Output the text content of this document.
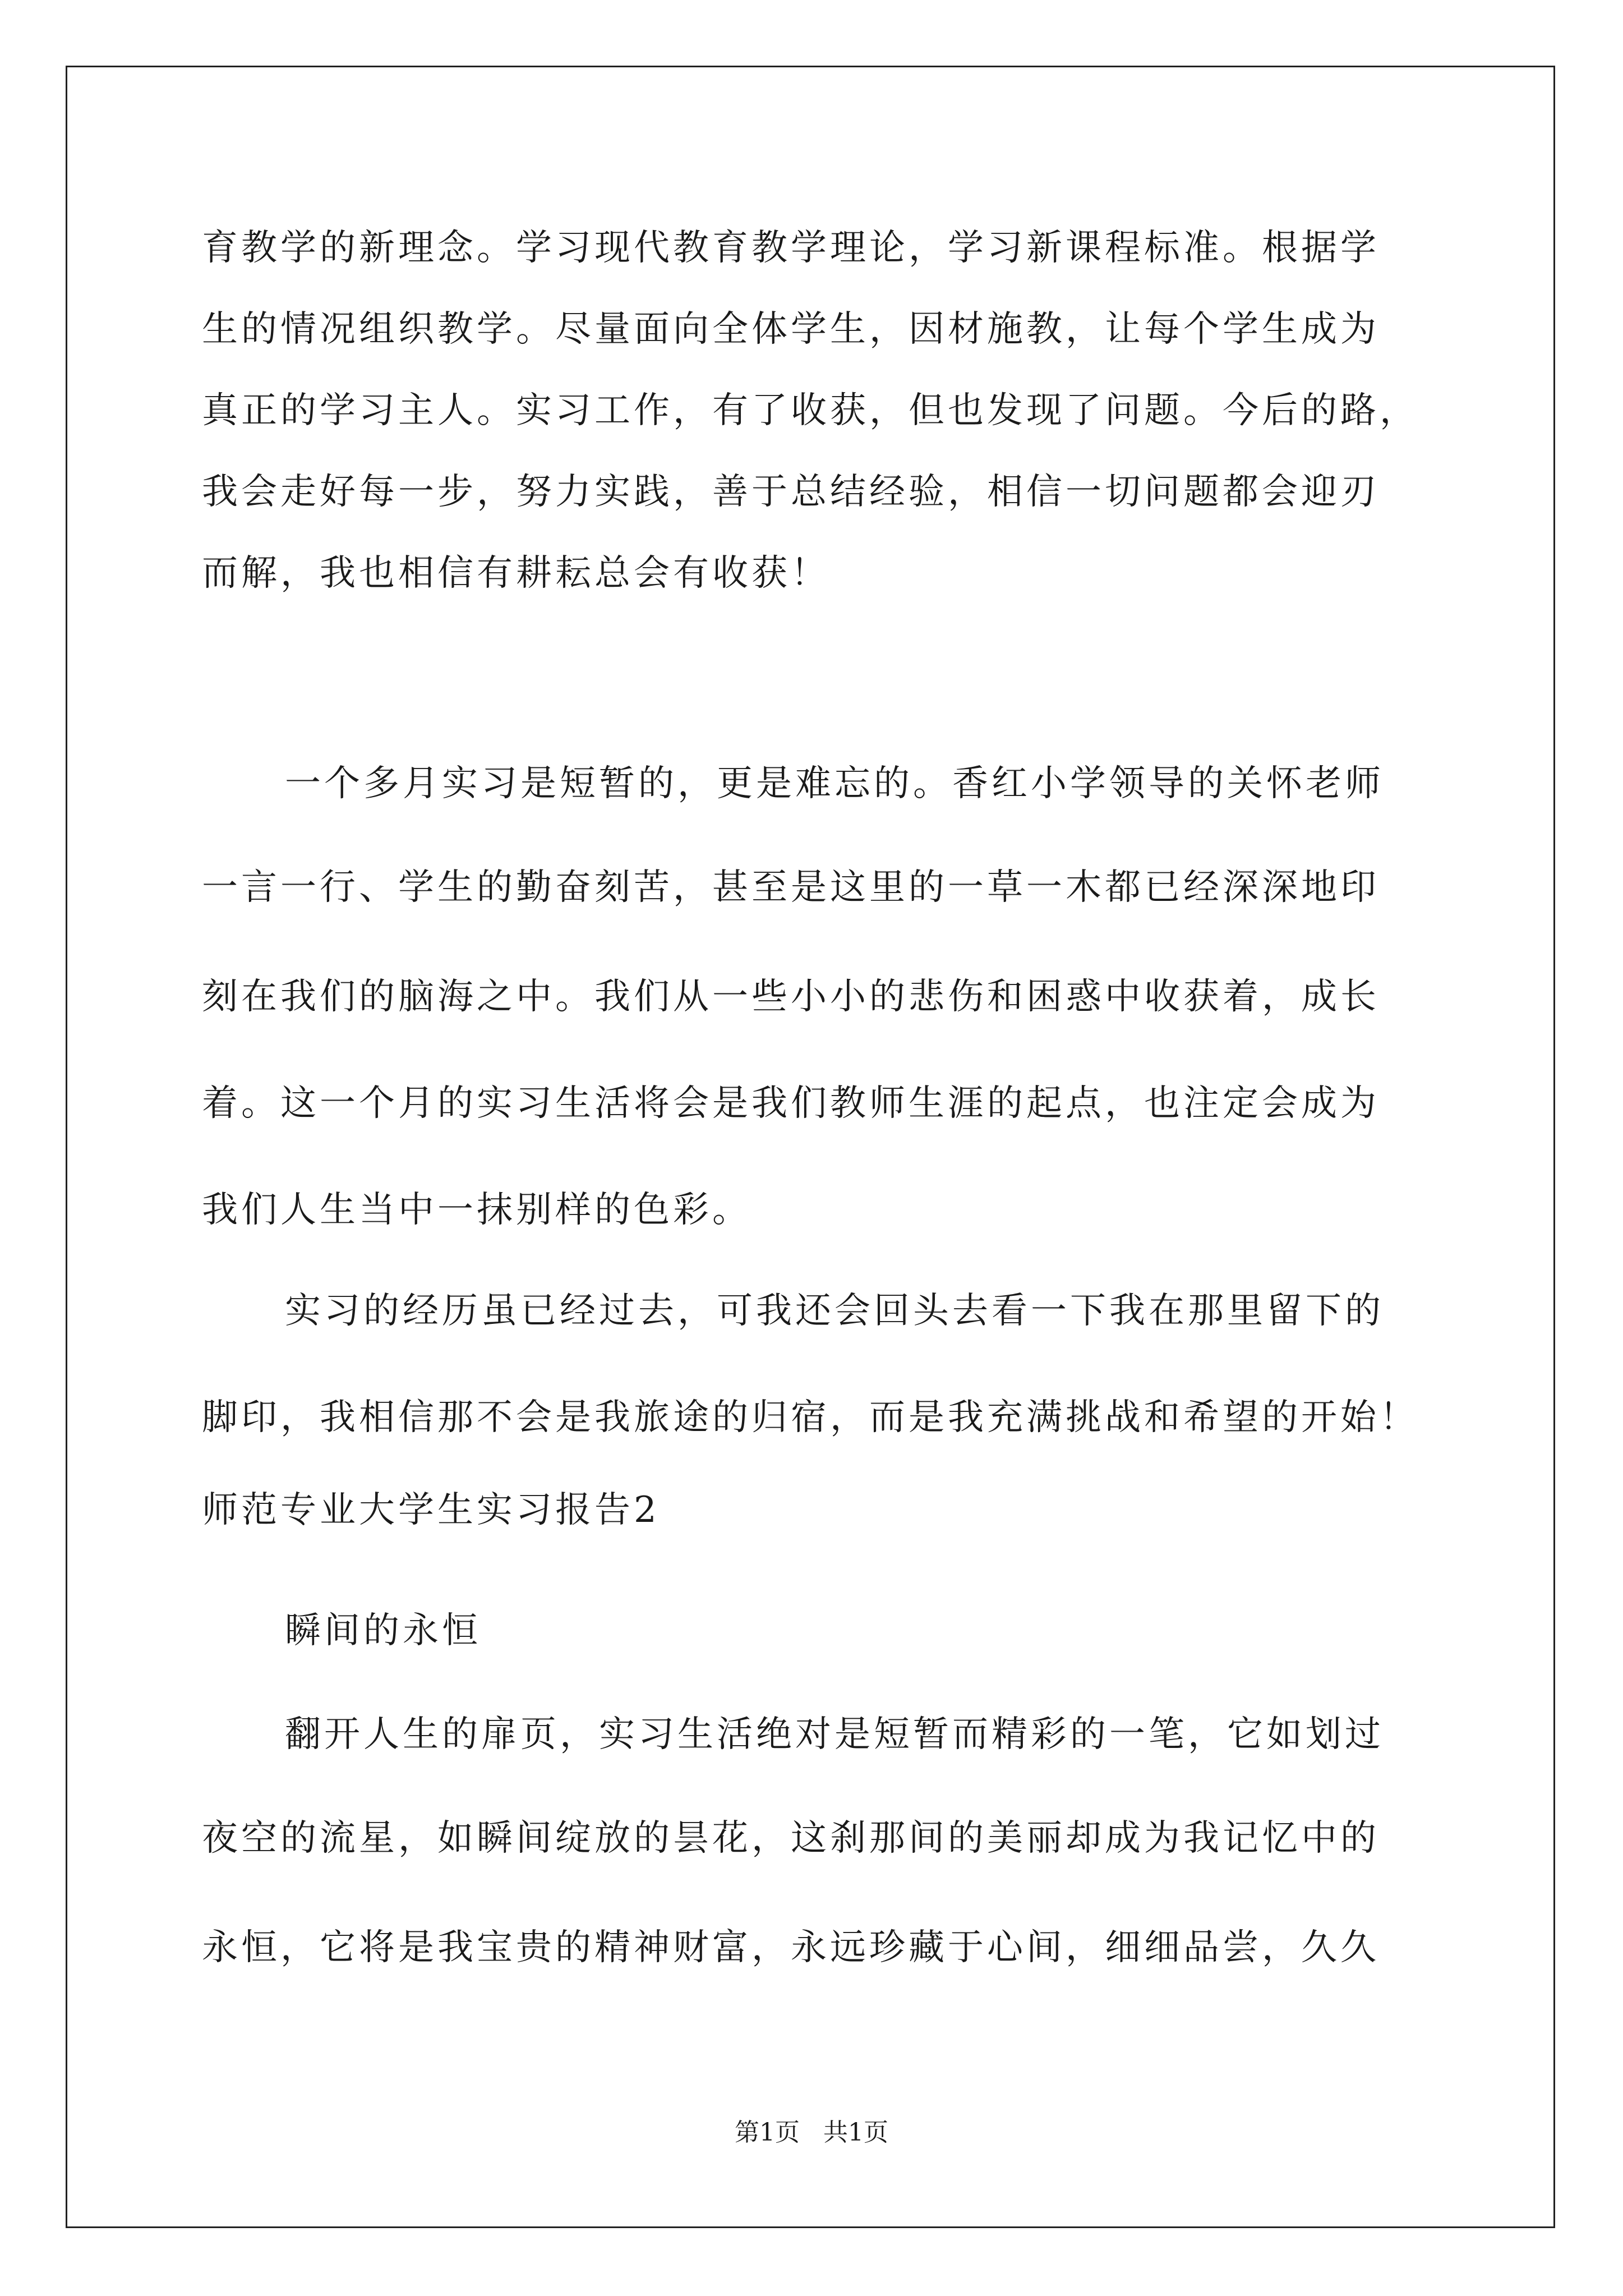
育教学的新理念。学习现代教育教学理论，学习新课程标准。根据学
生的情况组织教学。尽量面向全体学生，因材施教，让每个学生成为
真正的学习主人。实习工作，有了收获，但也发现了问题。今后的路，
我会走好每一步，努力实践，善于总结经验，相信一切问题都会迎刃
而解，我也相信有耕耘总会有收获！
一个多月实习是短暂的，更是难忘的。香红小学领导的关怀老师
一言一行、学生的勤奋刻苦，甚至是这里的一草一木都已经深深地印
刻在我们的脑海之中。我们从一些小小的悲伤和困惑中收获着，成长
着。这一个月的实习生活将会是我们教师生涯的起点，也注定会成为
我们人生当中一抹别样的色彩。
实习的经历虽已经过去，可我还会回头去看一下我在那里留下的
脚印，我相信那不会是我旅途的归宿，而是我充满挑战和希望的开始！
师范专业大学生实习报告2
瞬间的永恒
翻开人生的扉页，实习生活绝对是短暂而精彩的一笔，它如划过
夜空的流星，如瞬间绽放的昙花，这刹那间的美丽却成为我记忆中的
永恒，它将是我宝贵的精神财富，永远珍藏于心间，细细品尝，久久
第1页   共1页
